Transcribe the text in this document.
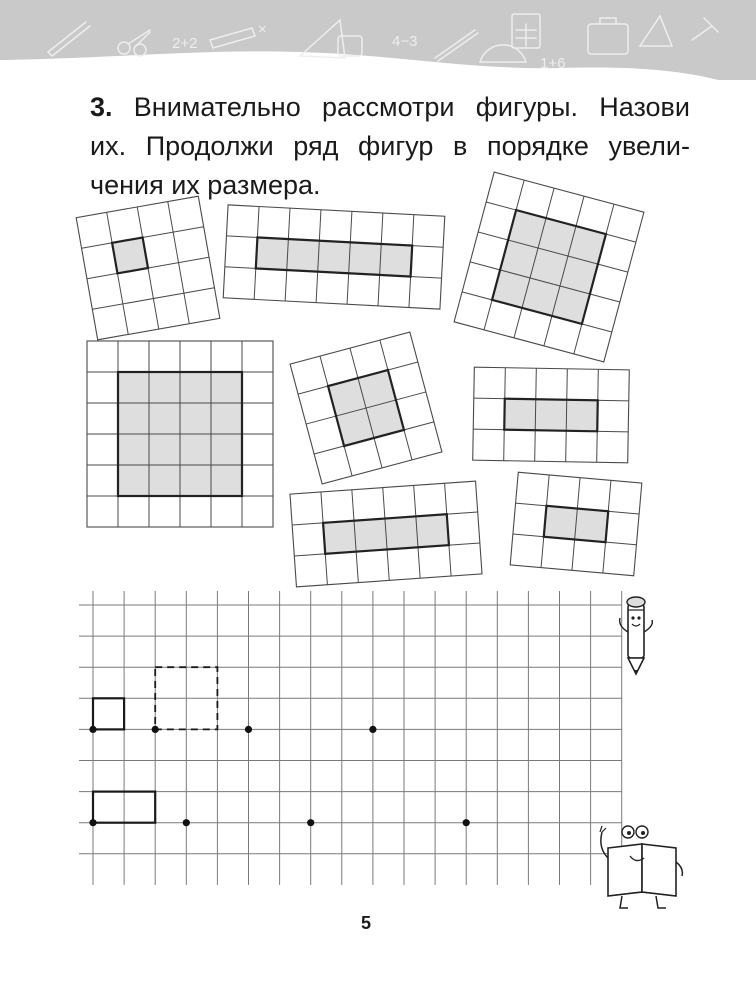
2+2
×
4−3
1+6
3. Внимательно рассмотри фигуры. Назови
их. Продолжи ряд фигур в порядке увели-
чения их размера.
5
